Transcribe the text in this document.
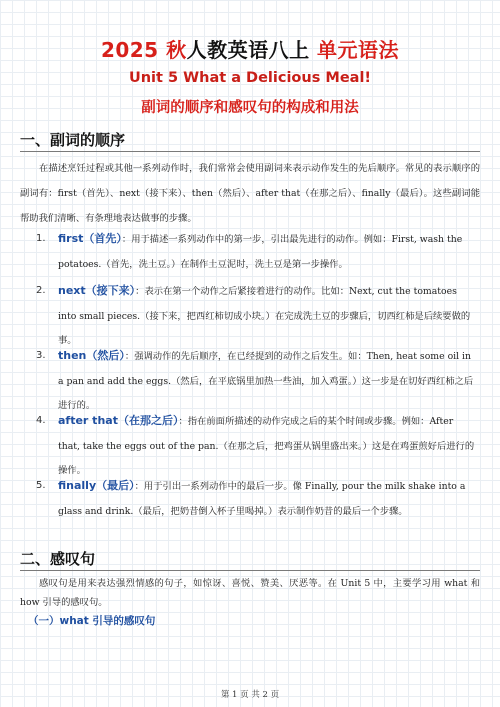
2025 秋人教英语八上 单元语法
Unit 5 What a Delicious Meal!
副词的顺序和感叹句的构成和用法
一、副词的顺序
在描述烹饪过程或其他一系列动作时，我们常常会使用副词来表示动作发生的先后顺序。常见的表示顺序的副词有：first（首先）、next（接下来）、then（然后）、after that（在那之后）、finally（最后）。这些副词能帮助我们清晰、有条理地表达做事的步骤。
1. first（首先）：用于描述一系列动作中的第一步，引出最先进行的动作。例如：First, wash the potatoes.（首先，洗土豆。）在制作土豆泥时，洗土豆是第一步操作。
2. next（接下来）：表示在第一个动作之后紧接着进行的动作。比如：Next, cut the tomatoes into small pieces.（接下来，把西红柿切成小块。）在完成洗土豆的步骤后，切西红柿是后续要做的事。
3. then（然后）：强调动作的先后顺序，在已经提到的动作之后发生。如：Then, heat some oil in a pan and add the eggs.（然后，在平底锅里加热一些油，加入鸡蛋。）这一步是在切好西红柿之后进行的。
4. after that（在那之后）：指在前面所描述的动作完成之后的某个时间或步骤。例如：After that, take the eggs out of the pan.（在那之后，把鸡蛋从锅里盛出来。）这是在鸡蛋煎好后进行的操作。
5. finally（最后）：用于引出一系列动作中的最后一步。像 Finally, pour the milk shake into a glass and drink.（最后，把奶昔倒入杯子里喝掉。）表示制作奶昔的最后一个步骤。
二、感叹句
感叹句是用来表达强烈情感的句子，如惊讶、喜悦、赞美、厌恶等。在 Unit 5 中，主要学习用 what 和 how 引导的感叹句。
（一）what 引导的感叹句
第 1 页 共 2 页
